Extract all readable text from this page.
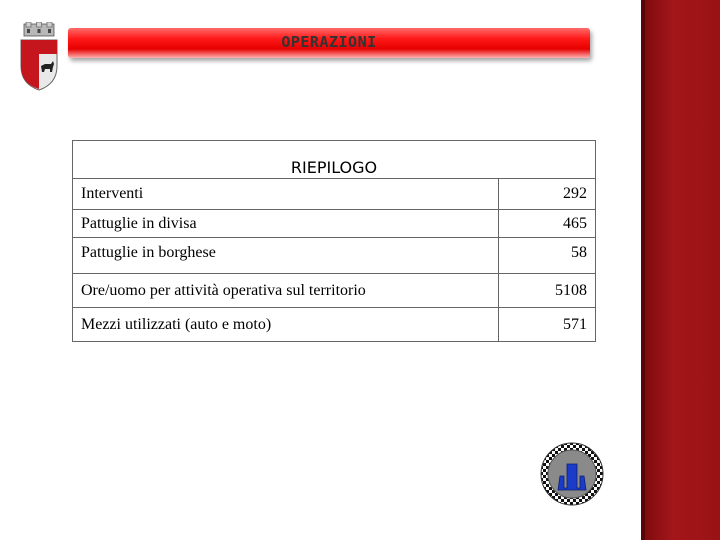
OPERAZIONI
RIEPILOGO	
Interventi	292
Pattuglie in divisa	465
Pattuglie in borghese	58
Ore/uomo per attività operativa sul territorio	5108
Mezzi utilizzati (auto e moto)	571
